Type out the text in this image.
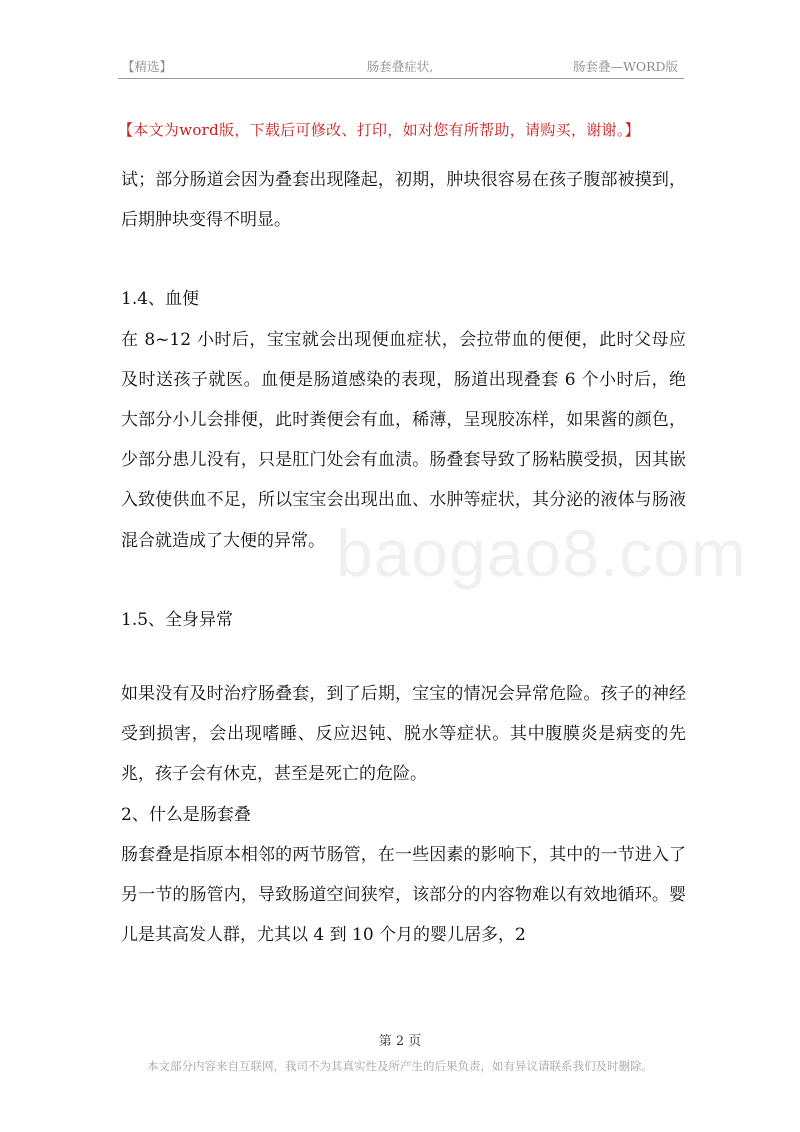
【精选】	肠套叠症状,	肠套叠—WORD版
【本文为word版，下载后可修改、打印，如对您有所帮助，请购买，谢谢。】
baogao8.com

试；部分肠道会因为叠套出现隆起，初期，肿块很容易在孩子腹部被摸到，后期肿块变得不明显。

1.4、血便

在 8~12 小时后，宝宝就会出现便血症状，会拉带血的便便，此时父母应及时送孩子就医。血便是肠道感染的表现，肠道出现叠套 6 个小时后，绝大部分小儿会排便，此时粪便会有血，稀薄，呈现胶冻样，如果酱的颜色，少部分患儿没有，只是肛门处会有血渍。肠叠套导致了肠粘膜受损，因其嵌入致使供血不足，所以宝宝会出现出血、水肿等症状，其分泌的液体与肠液混合就造成了大便的异常。

1.5、全身异常

如果没有及时治疗肠叠套，到了后期，宝宝的情况会异常危险。孩子的神经受到损害，会出现嗜睡、反应迟钝、脱水等症状。其中腹膜炎是病变的先兆，孩子会有休克，甚至是死亡的危险。

2、什么是肠套叠

肠套叠是指原本相邻的两节肠管，在一些因素的影响下，其中的一节进入了另一节的肠管内，导致肠道空间狭窄，该部分的内容物难以有效地循环。婴儿是其高发人群，尤其以 4 到 10 个月的婴儿居多，2

第 2 页
本文部分内容来自互联网，我司不为其真实性及所产生的后果负责，如有异议请联系我们及时删除。
